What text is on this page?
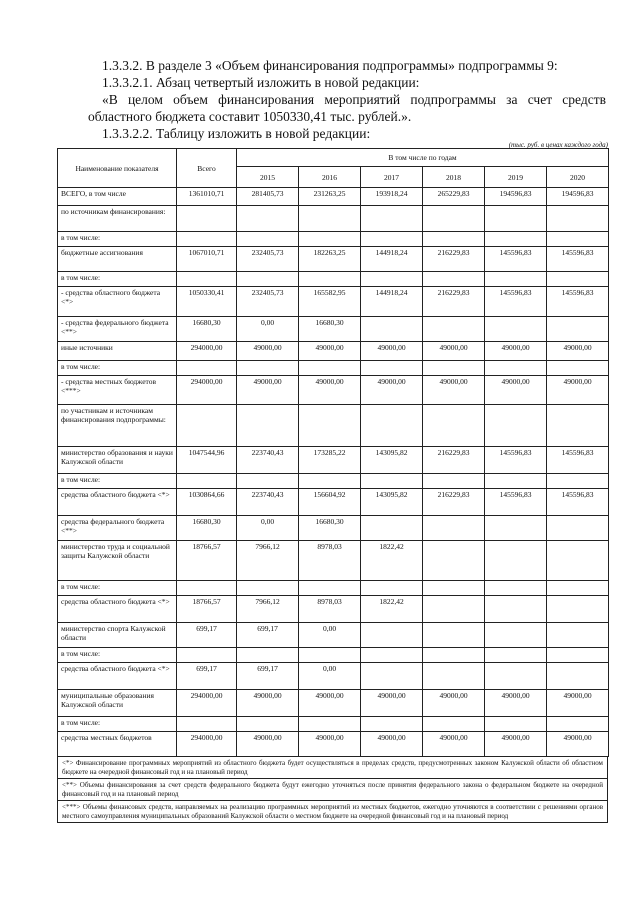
1.3.3.2. В разделе 3 «Объем финансирования подпрограммы» подпрограммы 9:
1.3.3.2.1. Абзац четвертый изложить в новой редакции:
«В целом объем финансирования мероприятий подпрограммы за счет средств
областного бюджета составит 1050330,41 тыс. рублей.».
1.3.3.2.2. Таблицу изложить в новой редакции:
(тыс. руб. в ценах каждого года)
Наименование показателя	Всего	В том числе по годам					
		2015	2016	2017	2018	2019	2020
ВСЕГО, в том числе	1361010,71	281405,73	231263,25	193918,24	265229,83	194596,83	194596,83
по источникам финансирования:							
в том числе:							
бюджетные ассигнования	1067010,71	232405,73	182263,25	144918,24	216229,83	145596,83	145596,83
в том числе:							
- средства областного бюджета <*>	1050330,41	232405,73	165582,95	144918,24	216229,83	145596,83	145596,83
- средства федерального бюджета <**>	16680,30	0,00	16680,30				
иные источники	294000,00	49000,00	49000,00	49000,00	49000,00	49000,00	49000,00
в том числе:							
- средства местных бюджетов <***>	294000,00	49000,00	49000,00	49000,00	49000,00	49000,00	49000,00
по участникам и источникам финансирования подпрограммы:							
министерство образования и науки Калужской области	1047544,96	223740,43	173285,22	143095,82	216229,83	145596,83	145596,83
в том числе:							
средства областного бюджета <*>	1030864,66	223740,43	156604,92	143095,82	216229,83	145596,83	145596,83
средства федерального бюджета <**>	16680,30	0,00	16680,30				
министерство труда и социальной защиты Калужской области	18766,57	7966,12	8978,03	1822,42			
в том числе:							
средства областного бюджета <*>	18766,57	7966,12	8978,03	1822,42			
министерство спорта Калужской области	699,17	699,17	0,00				
в том числе:							
средства областного бюджета <*>	699,17	699,17	0,00				
муниципальные образования Калужской области	294000,00	49000,00	49000,00	49000,00	49000,00	49000,00	49000,00
в том числе:							
средства местных бюджетов	294000,00	49000,00	49000,00	49000,00	49000,00	49000,00	49000,00
<*> Финансирование программных мероприятий из областного бюджета будет осуществляться в пределах средств, предусмотренных законом Калужской области об областном бюджете на очередной финансовый год и на плановый период
<**> Объемы финансирования за счет средств федерального бюджета будут ежегодно уточняться после принятия федерального закона о федеральном бюджете на очередной финансовый год и на плановый период
<***> Объемы финансовых средств, направляемых на реализацию программных мероприятий из местных бюджетов, ежегодно уточняются в соответствии с решениями органов местного самоуправления муниципальных образований Калужской области о местном бюджете на очередной финансовый год и на плановый период
